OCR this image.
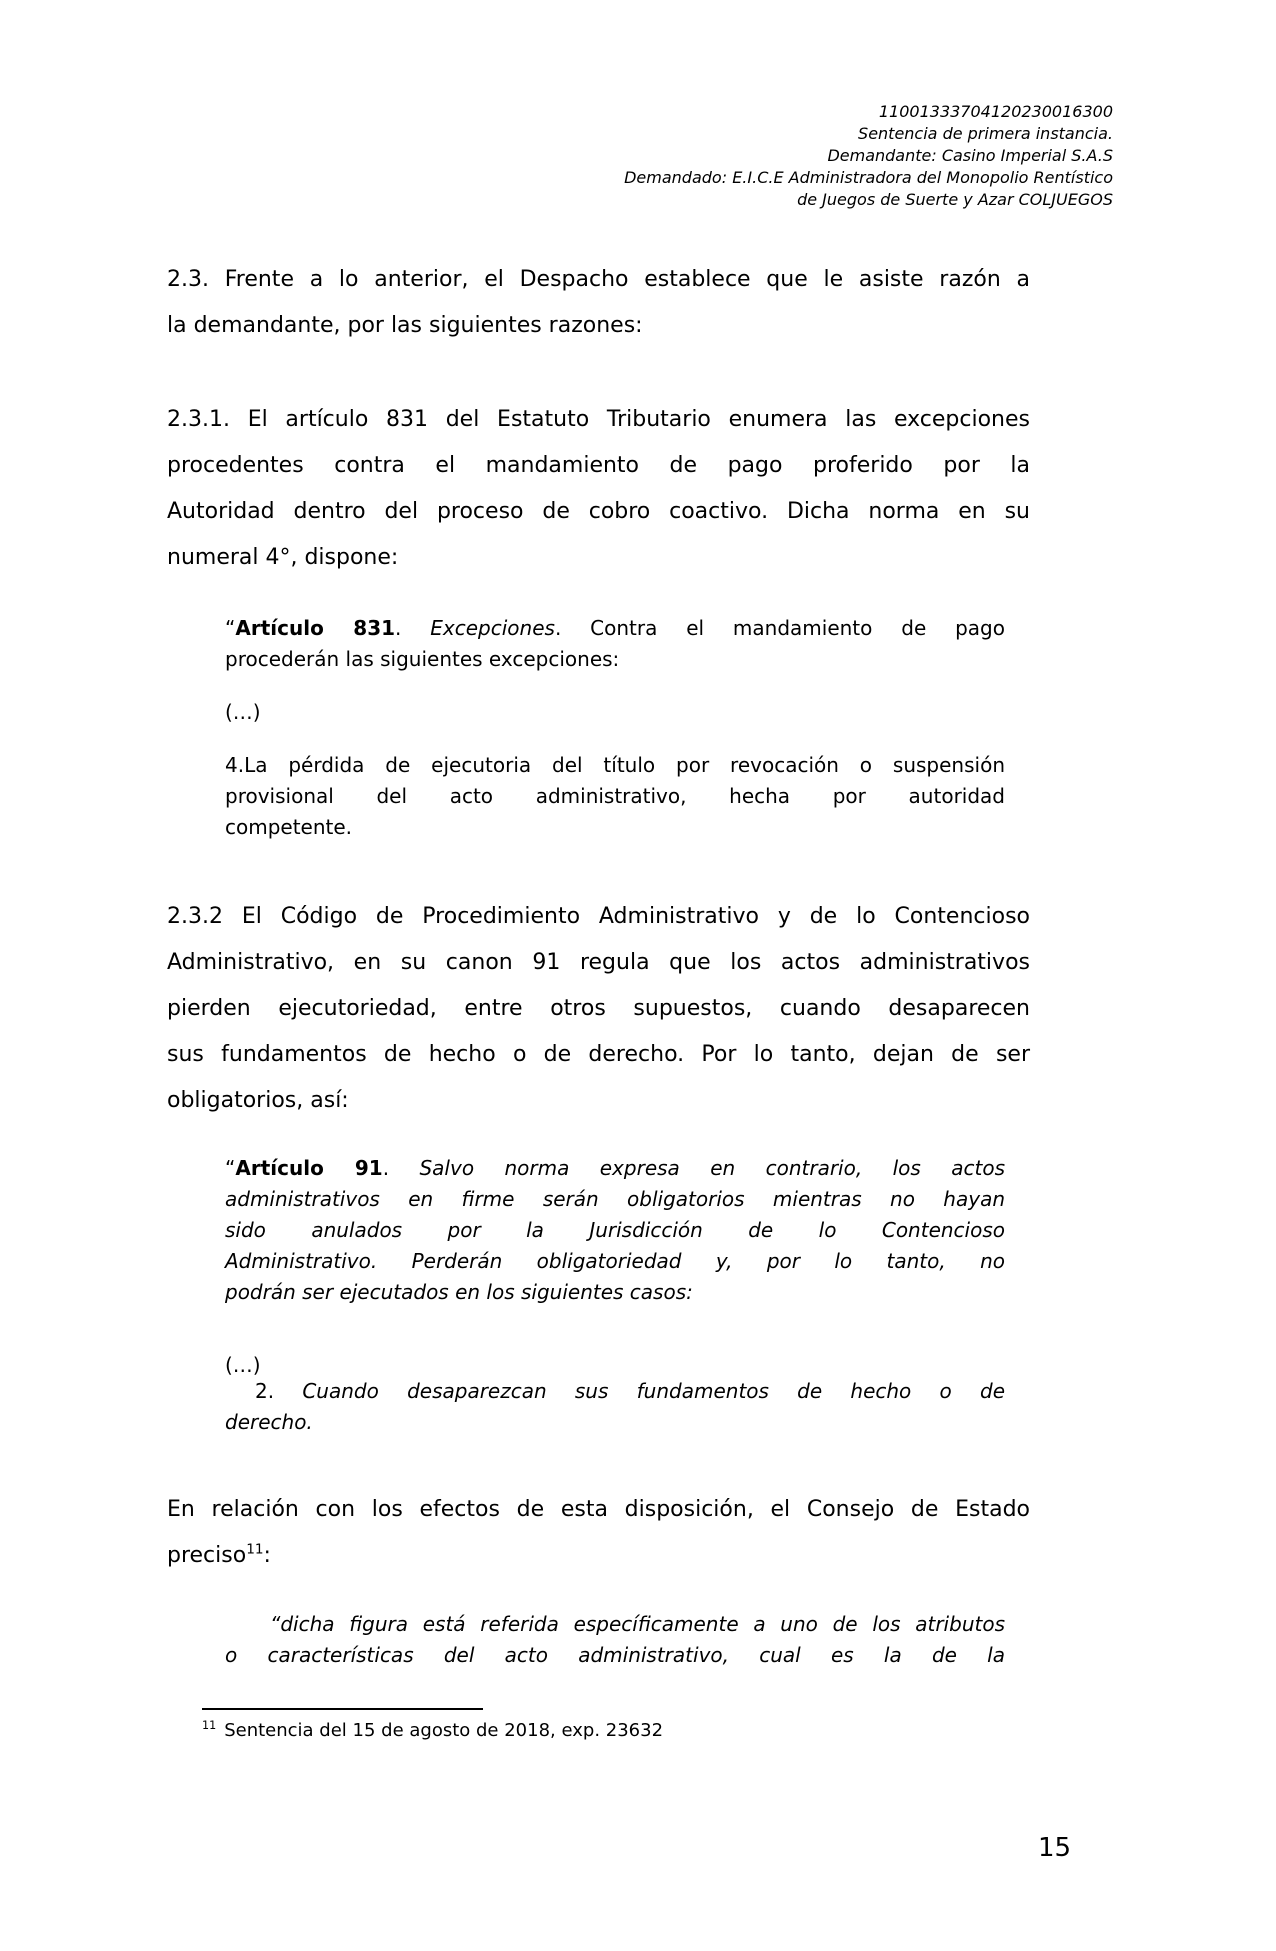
11001333704120230016300
Sentencia de primera instancia.
Demandante: Casino Imperial S.A.S
Demandado: E.I.C.E Administradora del Monopolio Rentístico
de Juegos de Suerte y Azar COLJUEGOS
2.3. Frente a lo anterior, el Despacho establece que le asiste razón a
la demandante, por las siguientes razones:
2.3.1. El artículo 831 del Estatuto Tributario enumera las excepciones
procedentes contra el mandamiento de pago proferido por la
Autoridad dentro del proceso de cobro coactivo. Dicha norma en su
numeral 4°, dispone:
“Artículo 831. Excepciones. Contra el mandamiento de pago
procederán las siguientes excepciones:
(…)
4.La pérdida de ejecutoria del título por revocación o suspensión
provisional del acto administrativo, hecha por autoridad
competente.
2.3.2 El Código de Procedimiento Administrativo y de lo Contencioso
Administrativo, en su canon 91 regula que los actos administrativos
pierden ejecutoriedad, entre otros supuestos, cuando desaparecen
sus fundamentos de hecho o de derecho. Por lo tanto, dejan de ser
obligatorios, así:
“Artículo 91. Salvo norma expresa en contrario, los actos
administrativos en firme serán obligatorios mientras no hayan
sido anulados por la Jurisdicción de lo Contencioso
Administrativo. Perderán obligatoriedad y, por lo tanto, no
podrán ser ejecutados en los siguientes casos:
(…)
2. Cuando desaparezcan sus fundamentos de hecho o de
derecho.
En relación con los efectos de esta disposición, el Consejo de Estado
preciso$^{11}$:
“dicha figura está referida específicamente a uno de los atributos
o características del acto administrativo, cual es la de la
$^{11}$ Sentencia del 15 de agosto de 2018, exp. 23632
15
